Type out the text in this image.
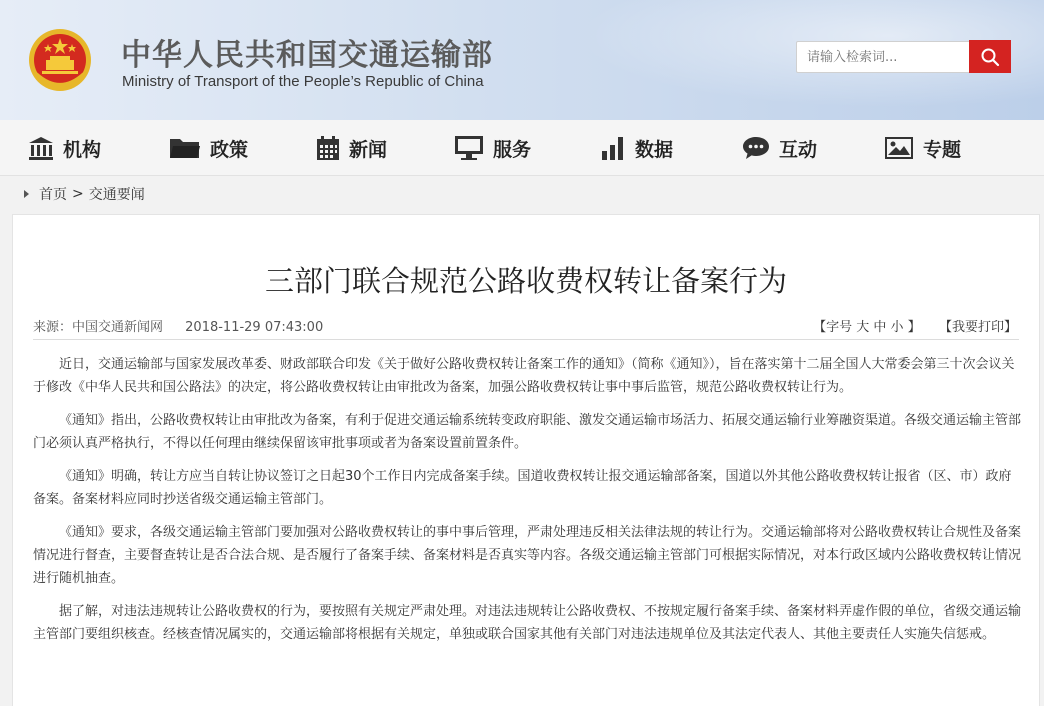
中华人民共和国交通运输部
Ministry of Transport of the People’s Republic of China
请输入检索词...
机构	政策	新闻	服务	数据	互动	专题
首页 > 交通要闻
三部门联合规范公路收费权转让备案行为
来源：中国交通新闻网 2018-11-29 07:43:00	【字号 大 中 小 】 【我要打印】

近日，交通运输部与国家发展改革委、财政部联合印发《关于做好公路收费权转让备案工作的通知》（简称《通知》），旨在落实第十二届全国人大常委会第三十次会议关于修改《中华人民共和国公路法》的决定，将公路收费权转让由审批改为备案，加强公路收费权转让事中事后监管，规范公路收费权转让行为。

《通知》指出，公路收费权转让由审批改为备案，有利于促进交通运输系统转变政府职能、激发交通运输市场活力、拓展交通运输行业筹融资渠道。各级交通运输主管部门必须认真严格执行，不得以任何理由继续保留该审批事项或者为备案设置前置条件。

《通知》明确，转让方应当自转让协议签订之日起30个工作日内完成备案手续。国道收费权转让报交通运输部备案，国道以外其他公路收费权转让报省（区、市）政府备案。备案材料应同时抄送省级交通运输主管部门。

《通知》要求，各级交通运输主管部门要加强对公路收费权转让的事中事后管理，严肃处理违反相关法律法规的转让行为。交通运输部将对公路收费权转让合规性及备案情况进行督查，主要督查转让是否合法合规、是否履行了备案手续、备案材料是否真实等内容。各级交通运输主管部门可根据实际情况，对本行政区域内公路收费权转让情况进行随机抽查。

据了解，对违法违规转让公路收费权的行为，要按照有关规定严肃处理。对违法违规转让公路收费权、不按规定履行备案手续、备案材料弄虚作假的单位，省级交通运输主管部门要组织核查。经核查情况属实的，交通运输部将根据有关规定，单独或联合国家其他有关部门对违法违规单位及其法定代表人、其他主要责任人实施失信惩戒。
